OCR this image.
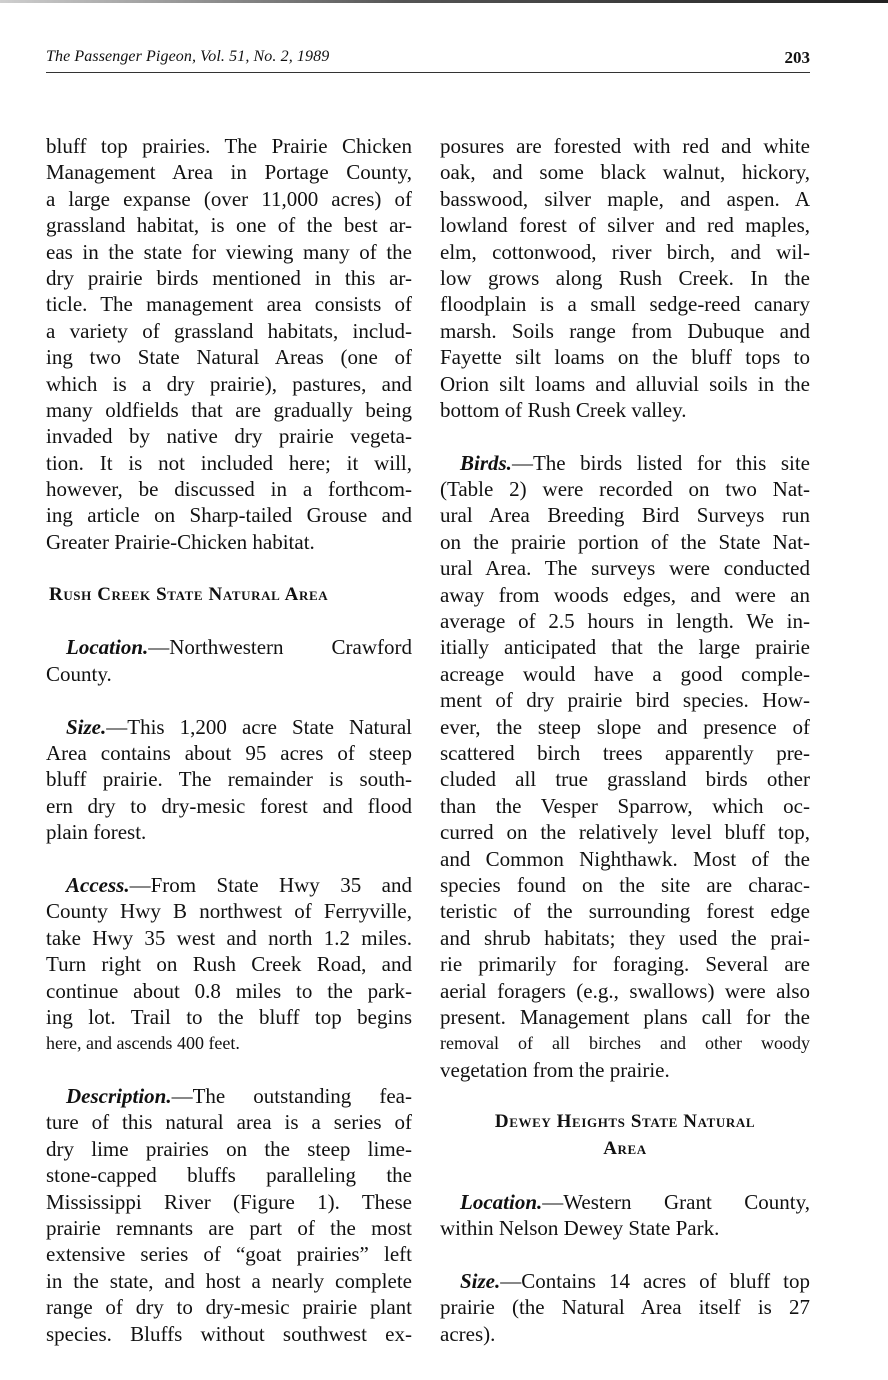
The Passenger Pigeon, Vol. 51, No. 2, 1989	203
bluff top prairies. The Prairie Chicken
Management Area in Portage County,
a large expanse (over 11,000 acres) of
grassland habitat, is one of the best ar-
eas in the state for viewing many of the
dry prairie birds mentioned in this ar-
ticle. The management area consists of
a variety of grassland habitats, includ-
ing two State Natural Areas (one of
which is a dry prairie), pastures, and
many oldfields that are gradually being
invaded by native dry prairie vegeta-
tion. It is not included here; it will,
however, be discussed in a forthcom-
ing article on Sharp-tailed Grouse and
Greater Prairie-Chicken habitat.
Rush Creek State Natural Area
Location.—Northwestern Crawford
County.
Size.—This 1,200 acre State Natural
Area contains about 95 acres of steep
bluff prairie. The remainder is south-
ern dry to dry-mesic forest and flood
plain forest.
Access.—From State Hwy 35 and
County Hwy B northwest of Ferryville,
take Hwy 35 west and north 1.2 miles.
Turn right on Rush Creek Road, and
continue about 0.8 miles to the park-
ing lot. Trail to the bluff top begins
here, and ascends 400 feet.
Description.—The outstanding fea-
ture of this natural area is a series of
dry lime prairies on the steep lime-
stone-capped bluffs paralleling the
Mississippi River (Figure 1). These
prairie remnants are part of the most
extensive series of “goat prairies” left
in the state, and host a nearly complete
range of dry to dry-mesic prairie plant
species. Bluffs without southwest ex-
posures are forested with red and white
oak, and some black walnut, hickory,
basswood, silver maple, and aspen. A
lowland forest of silver and red maples,
elm, cottonwood, river birch, and wil-
low grows along Rush Creek. In the
floodplain is a small sedge-reed canary
marsh. Soils range from Dubuque and
Fayette silt loams on the bluff tops to
Orion silt loams and alluvial soils in the
bottom of Rush Creek valley.
Birds.—The birds listed for this site
(Table 2) were recorded on two Nat-
ural Area Breeding Bird Surveys run
on the prairie portion of the State Nat-
ural Area. The surveys were conducted
away from woods edges, and were an
average of 2.5 hours in length. We in-
itially anticipated that the large prairie
acreage would have a good comple-
ment of dry prairie bird species. How-
ever, the steep slope and presence of
scattered birch trees apparently pre-
cluded all true grassland birds other
than the Vesper Sparrow, which oc-
curred on the relatively level bluff top,
and Common Nighthawk. Most of the
species found on the site are charac-
teristic of the surrounding forest edge
and shrub habitats; they used the prai-
rie primarily for foraging. Several are
aerial foragers (e.g., swallows) were also
present. Management plans call for the
removal of all birches and other woody
vegetation from the prairie.
Dewey Heights State Natural
Area
Location.—Western Grant County,
within Nelson Dewey State Park.
Size.—Contains 14 acres of bluff top
prairie (the Natural Area itself is 27
acres).
